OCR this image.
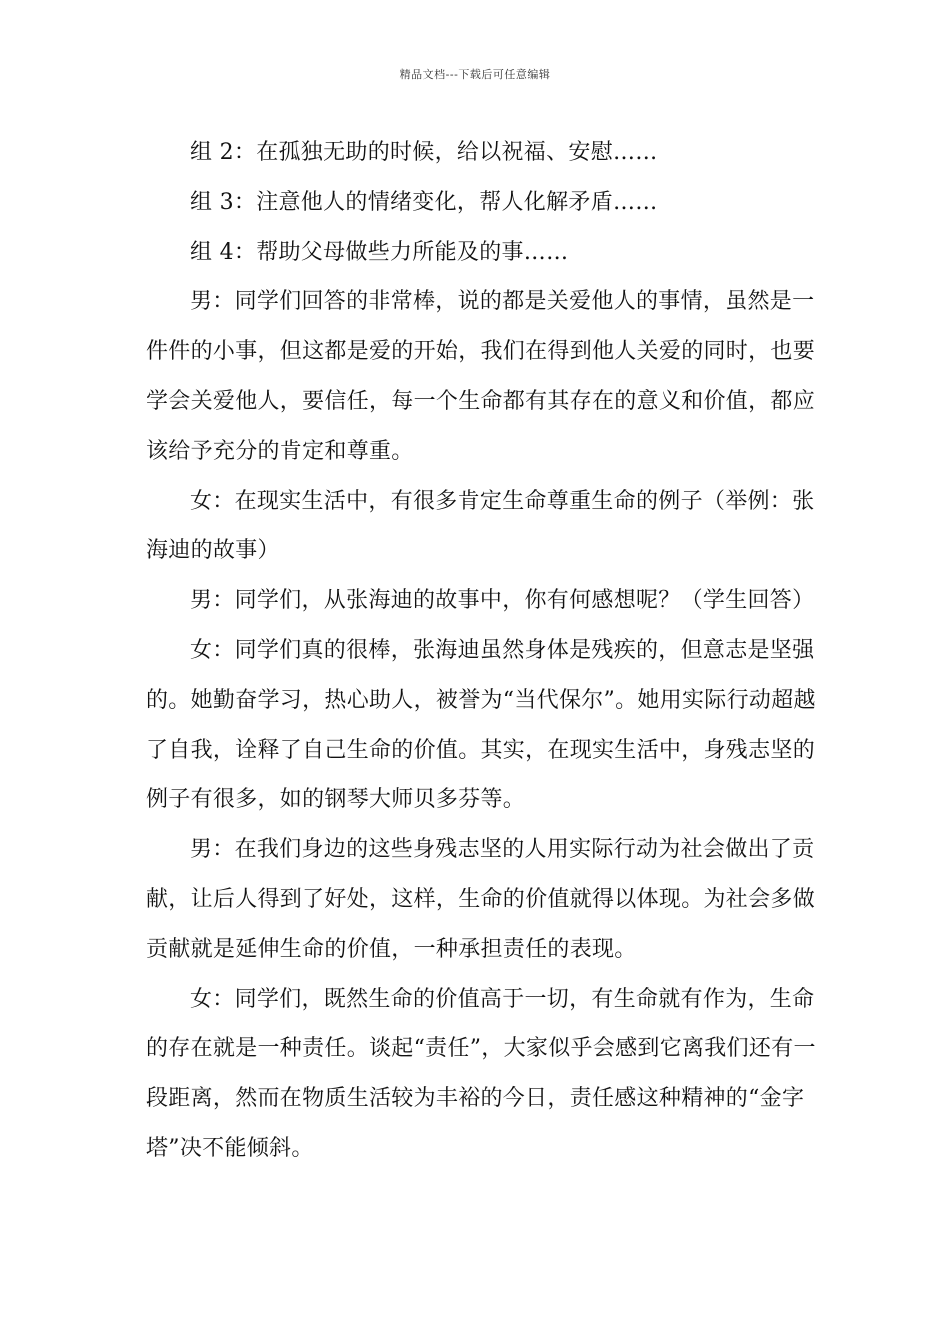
精品文档---下载后可任意编辑

组 2：在孤独无助的时候，给以祝福、安慰……

组 3：注意他人的情绪变化，帮人化解矛盾……

组 4：帮助父母做些力所能及的事……

男：同学们回答的非常棒，说的都是关爱他人的事情，虽然是一件件的小事，但这都是爱的开始，我们在得到他人关爱的同时，也要学会关爱他人，要信任，每一个生命都有其存在的意义和价值，都应该给予充分的肯定和尊重。

女：在现实生活中，有很多肯定生命尊重生命的例子（举例：张海迪的故事）

男：同学们，从张海迪的故事中，你有何感想呢？（学生回答）

女：同学们真的很棒，张海迪虽然身体是残疾的，但意志是坚强的。她勤奋学习，热心助人，被誉为“当代保尔”。她用实际行动超越了自我，诠释了自己生命的价值。其实，在现实生活中，身残志坚的例子有很多，如的钢琴大师贝多芬等。

男：在我们身边的这些身残志坚的人用实际行动为社会做出了贡献，让后人得到了好处，这样，生命的价值就得以体现。为社会多做贡献就是延伸生命的价值，一种承担责任的表现。

女：同学们，既然生命的价值高于一切，有生命就有作为，生命的存在就是一种责任。谈起“责任”，大家似乎会感到它离我们还有一段距离，然而在物质生活较为丰裕的今日，责任感这种精神的“金字塔”决不能倾斜。
